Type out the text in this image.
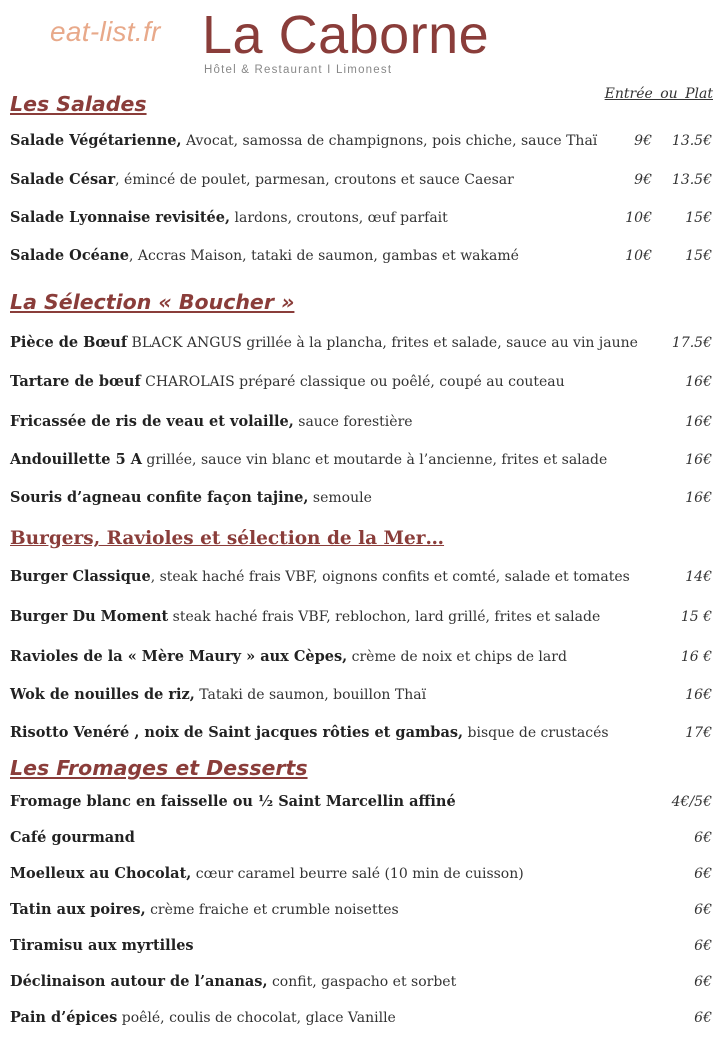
eat-list.fr La Caborne
Hôtel & Restaurant I Limonest
Entrée ou Plat
Les Salades
La Sélection « Boucher »
Burgers, Ravioles et sélection de la Mer…
Les Fromages et Desserts
Salade Végétarienne, Avocat, samossa de champignons, pois chiche, sauce Thaï	9€	13.5€
Salade César, émincé de poulet, parmesan, croutons et sauce Caesar	9€	13.5€
Salade Lyonnaise revisitée, lardons, croutons, œuf parfait	10€	15€
Salade Océane, Accras Maison, tataki de saumon, gambas et wakamé	10€	15€
Pièce de Bœuf BLACK ANGUS grillée à la plancha, frites et salade, sauce au vin jaune	17.5€
Tartare de bœuf CHAROLAIS préparé classique ou poêlé, coupé au couteau	16€
Fricassée de ris de veau et volaille, sauce forestière	16€
Andouillette 5 A grillée, sauce vin blanc et moutarde à l’ancienne, frites et salade	16€
Souris d’agneau confite façon tajine, semoule	16€
Burger Classique, steak haché frais VBF, oignons confits et comté, salade et tomates	14€
Burger Du Moment steak haché frais VBF, reblochon, lard grillé, frites et salade	15 €
Ravioles de la « Mère Maury » aux Cèpes, crème de noix et chips de lard	16 €
Wok de nouilles de riz, Tataki de saumon, bouillon Thaï	16€
Risotto Venéré , noix de Saint jacques rôties et gambas, bisque de crustacés	17€
Fromage blanc en faisselle ou ½ Saint Marcellin affiné	4€/5€
Café gourmand	6€
Moelleux au Chocolat, cœur caramel beurre salé (10 min de cuisson)	6€
Tatin aux poires, crème fraiche et crumble noisettes	6€
Tiramisu aux myrtilles	6€
Déclinaison autour de l’ananas, confit, gaspacho et sorbet	6€
Pain d’épices poêlé, coulis de chocolat, glace Vanille	6€
